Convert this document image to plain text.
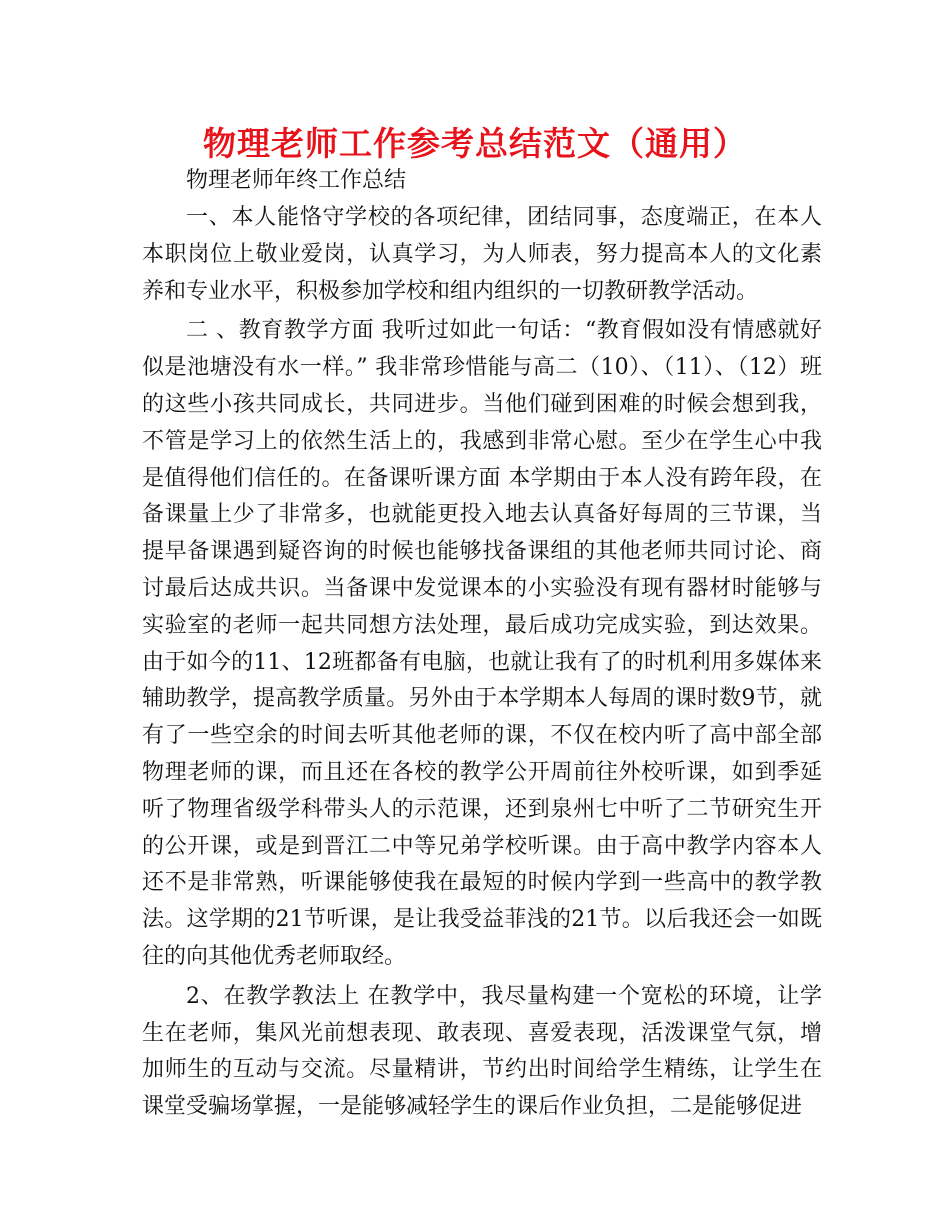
物理老师工作参考总结范文（通用）
物理老师年终工作总结

一、本人能恪守学校的各项纪律，团结同事，态度端正，在本人本职岗位上敬业爱岗，认真学习，为人师表，努力提高本人的文化素养和专业水平，积极参加学校和组内组织的一切教研教学活动。

二 、教育教学方面 我听过如此一句话：“教育假如没有情感就好似是池塘没有水一样。” 我非常珍惜能与高二（10）、（11）、（12）班的这些小孩共同成长，共同进步。当他们碰到困难的时候会想到我，不管是学习上的依然生活上的，我感到非常心慰。至少在学生心中我是值得他们信任的。在备课听课方面 本学期由于本人没有跨年段，在备课量上少了非常多，也就能更投入地去认真备好每周的三节课，当提早备课遇到疑咨询的时候也能够找备课组的其他老师共同讨论、商讨最后达成共识。当备课中发觉课本的小实验没有现有器材时能够与实验室的老师一起共同想方法处理，最后成功完成实验，到达效果。由于如今的11、12班都备有电脑，也就让我有了的时机利用多媒体来辅助教学，提高教学质量。另外由于本学期本人每周的课时数9节，就有了一些空余的时间去听其他老师的课，不仅在校内听了高中部全部物理老师的课，而且还在各校的教学公开周前往外校听课，如到季延听了物理省级学科带头人的示范课，还到泉州七中听了二节研究生开的公开课，或是到晋江二中等兄弟学校听课。由于高中教学内容本人还不是非常熟，听课能够使我在最短的时候内学到一些高中的教学教法。这学期的21节听课，是让我受益菲浅的21节。以后我还会一如既往的向其他优秀老师取经。

2、在教学教法上 在教学中，我尽量构建一个宽松的环境，让学生在老师，集风光前想表现、敢表现、喜爱表现，活泼课堂气氛，增加师生的互动与交流。尽量精讲，节约出时间给学生精练，让学生在课堂受骗场掌握，一是能够减轻学生的课后作业负担，二是能够促进
